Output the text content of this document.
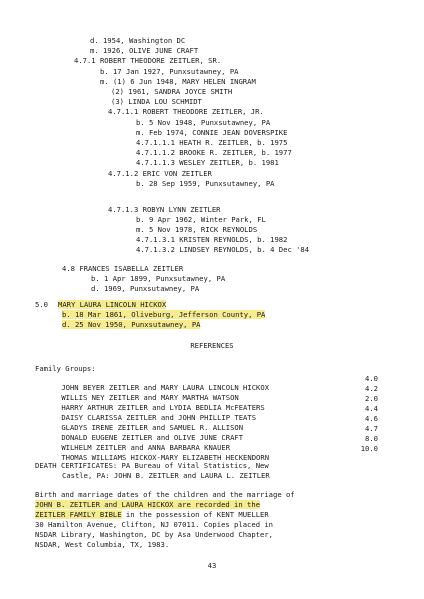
d. 1954, Washington DC
m. 1926, OLIVE JUNE CRAFT
4.7.1 ROBERT THEODORE ZEITLER, SR.
b. 17 Jan 1927, Punxsutawney, PA
m. (1) 6 Jun 1948, MARY HELEN INGRAM
(2) 1961, SANDRA JOYCE SMITH
(3) LINDA LOU SCHMIDT
4.7.1.1 ROBERT THEODORE ZEITLER, JR.
b. 5 Nov 1948, Punxsutawney, PA
m. Feb 1974, CONNIE JEAN DOVERSPIKE
4.7.1.1.1 HEATH R. ZEITLER, b. 1975
4.7.1.1.2 BROOKE R. ZEITLER, b. 1977
4.7.1.1.3 WESLEY ZEITLER, b. 1981
4.7.1.2 ERIC VON ZEITLER
b. 28 Sep 1959, Punxsutawney, PA
4.7.1.3 ROBYN LYNN ZEITLER
b. 9 Apr 1962, Winter Park, FL
m. 5 Nov 1978, RICK REYNOLDS
4.7.1.3.1 KRISTEN REYNOLDS, b. 1982
4.7.1.3.2 LINDSEY REYNOLDS, b. 4 Dec '84
4.8 FRANCES ISABELLA ZEITLER
b. 1 Apr 1899, Punxsutawney, PA
d. 1969, Punxsutawney, PA
5.0 MARY LAURA LINCOLN HICKOX
b. 18 Mar 1861, Oliveburg, Jefferson County, PA
d. 25 Nov 1950, Punxsutawney, PA
REFERENCES
Family Groups:

JOHN BEYER ZEITLER and MARY LAURA LINCOLN HICKOX
4.0

WILLIS NEY ZEITLER and MARY MARTHA WATSON
4.2

HARRY ARTHUR ZEITLER and LYDIA BEDLIA McFEATERS
2.0

DAISY CLARISSA ZEITLER and JOHN PHILLIP TEATS
4.4

GLADYS IRENE ZEITLER and SAMUEL R. ALLISON
4.6

DONALD EUGENE ZEITLER and OLIVE JUNE CRAFT
4.7

WILHELM ZEITLER and ANNA BARBARA KNAUER
8.0

THOMAS WILLIAMS HICKOX-MARY ELIZABETH HECKENDORN
10.0

DEATH CERTIFICATES: PA Bureau of Vital Statistics, New
Castle, PA: JOHN B. ZEITLER and LAURA L. ZEITLER
Birth and marriage dates of the children and the marriage of
JOHN B. ZEITLER and LAURA HICKOX are recorded in the
ZEITLER FAMILY BIBLE in the possession of KENT MUELLER
30 Hamilton Avenue, Clifton, NJ 07011. Copies placed in
NSDAR Library, Washington, DC by Asa Underwood Chapter,
NSDAR, West Columbia, TX, 1983.
43
